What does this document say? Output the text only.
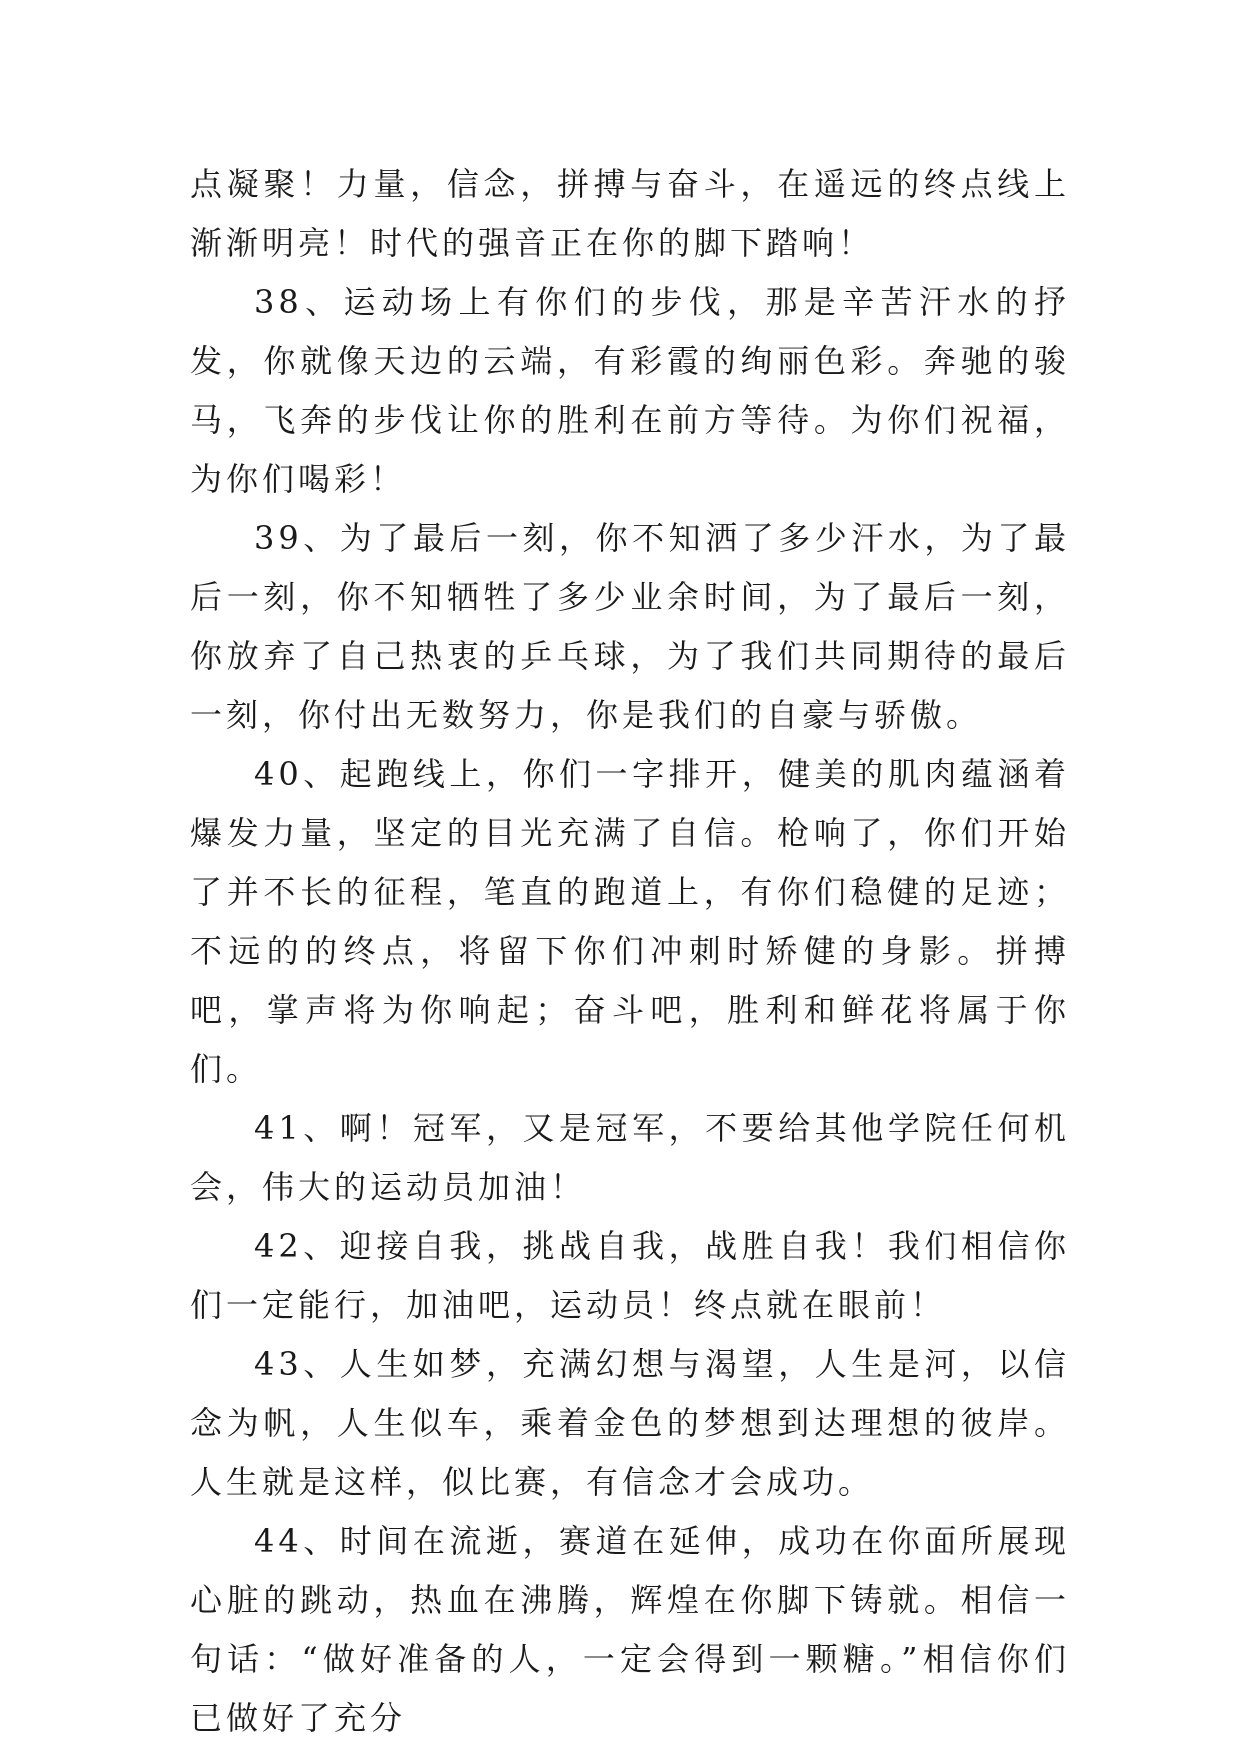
点凝聚！力量，信念，拼搏与奋斗，在遥远的终点线上渐渐明亮！时代的强音正在你的脚下踏响！

38、运动场上有你们的步伐，那是辛苦汗水的抒发，你就像天边的云端，有彩霞的绚丽色彩。奔驰的骏马，飞奔的步伐让你的胜利在前方等待。为你们祝福，为你们喝彩！

39、为了最后一刻，你不知洒了多少汗水，为了最后一刻，你不知牺牲了多少业余时间，为了最后一刻，你放弃了自己热衷的乒乓球，为了我们共同期待的最后一刻，你付出无数努力，你是我们的自豪与骄傲。

40、起跑线上，你们一字排开，健美的肌肉蕴涵着爆发力量，坚定的目光充满了自信。枪响了，你们开始了并不长的征程，笔直的跑道上，有你们稳健的足迹；不远的的终点，将留下你们冲刺时矫健的身影。拼搏吧，掌声将为你响起；奋斗吧，胜利和鲜花将属于你们。

41、啊！冠军，又是冠军，不要给其他学院任何机会，伟大的运动员加油！

42、迎接自我，挑战自我，战胜自我！我们相信你们一定能行，加油吧，运动员！终点就在眼前！

43、人生如梦，充满幻想与渴望，人生是河，以信念为帆，人生似车，乘着金色的梦想到达理想的彼岸。人生就是这样，似比赛，有信念才会成功。

44、时间在流逝，赛道在延伸，成功在你面所展现心脏的跳动，热血在沸腾，辉煌在你脚下铸就。相信一句话：“做好准备的人，一定会得到一颗糖。”相信你们已做好了充分
